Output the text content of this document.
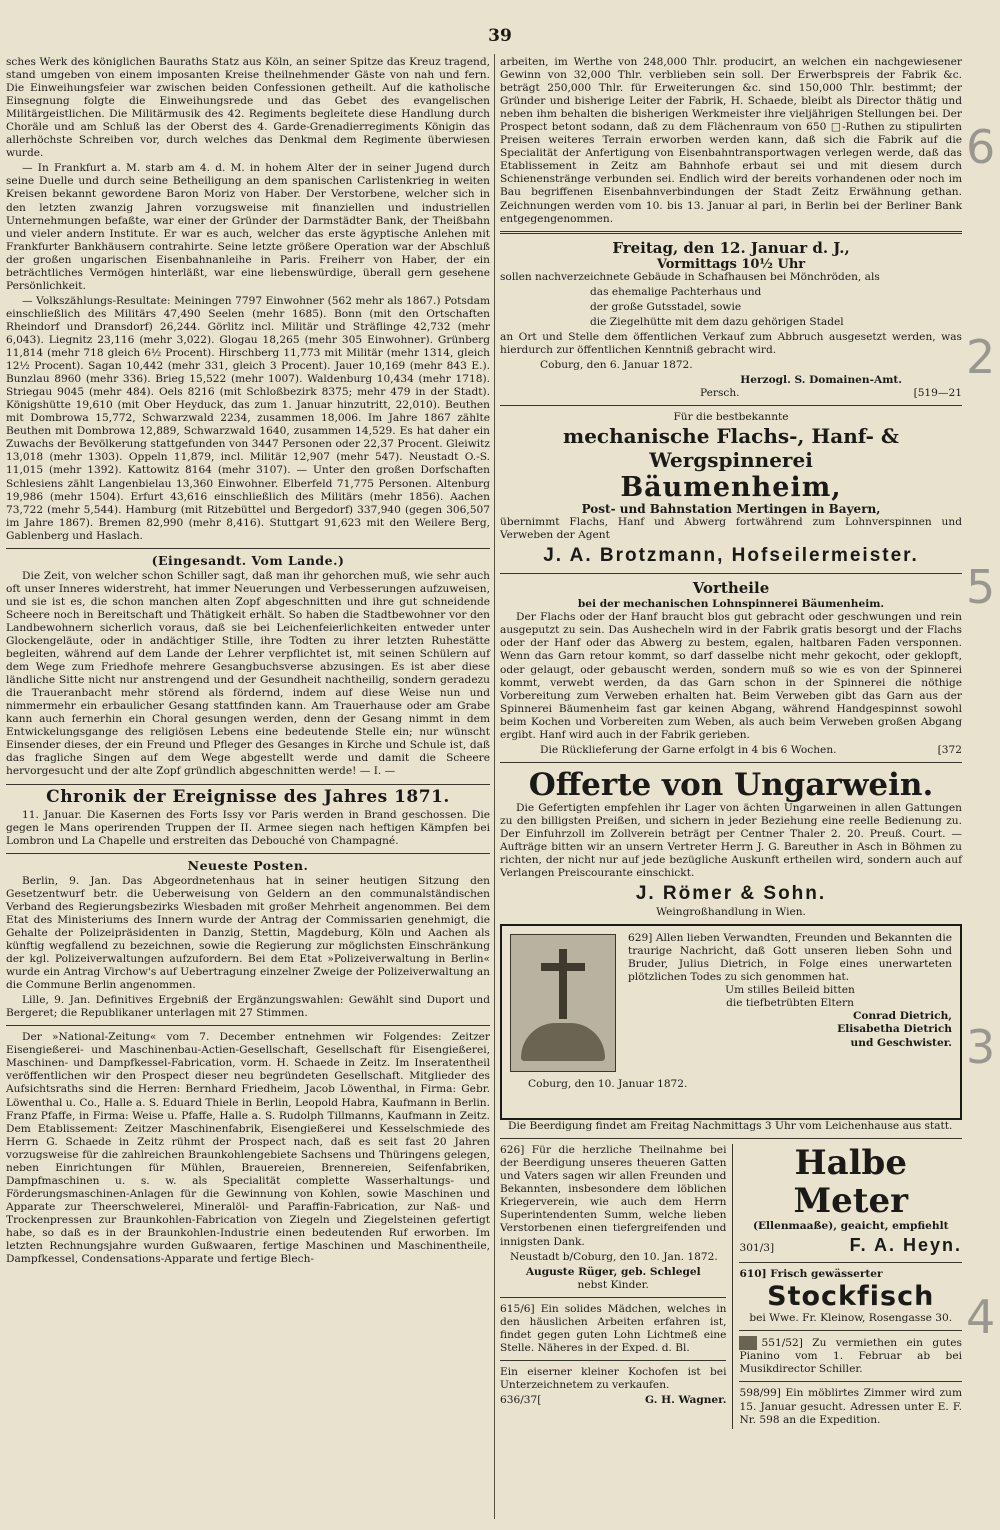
39

sches Werk des königlichen Bauraths Statz aus Köln, an seiner Spitze das Kreuz tragend, stand umgeben von einem imposanten Kreise theilnehmender Gäste von nah und fern. Die Einweihungsfeier war zwischen beiden Confessionen getheilt. Auf die katholische Einsegnung folgte die Einweihungsrede und das Gebet des evangelischen Militärgeistlichen. Die Militärmusik des 42. Regiments begleitete diese Handlung durch Choräle und am Schluß las der Oberst des 4. Garde-Grenadierregiments Königin das allerhöchste Schreiben vor, durch welches das Denkmal dem Regimente überwiesen wurde.

— In Frankfurt a. M. starb am 4. d. M. in hohem Alter der in seiner Jugend durch seine Duelle und durch seine Betheiligung an dem spanischen Carlistenkrieg in weiten Kreisen bekannt gewordene Baron Moriz von Haber. Der Verstorbene, welcher sich in den letzten zwanzig Jahren vorzugsweise mit finanziellen und industriellen Unternehmungen befaßte, war einer der Gründer der Darmstädter Bank, der Theißbahn und vieler andern Institute. Er war es auch, welcher das erste ägyptische Anlehen mit Frankfurter Bankhäusern contrahirte. Seine letzte größere Operation war der Abschluß der großen ungarischen Eisenbahnanleihe in Paris. Freiherr von Haber, der ein beträchtliches Vermögen hinterläßt, war eine liebenswürdige, überall gern gesehene Persönlichkeit.

— Volkszählungs-Resultate: Meiningen 7797 Einwohner (562 mehr als 1867.) Potsdam einschließlich des Militärs 47,490 Seelen (mehr 1685). Bonn (mit den Ortschaften Rheindorf und Dransdorf) 26,244. Görlitz incl. Militär und Sträflinge 42,732 (mehr 6,043). Liegnitz 23,116 (mehr 3,022). Glogau 18,265 (mehr 305 Einwohner). Grünberg 11,814 (mehr 718 gleich 6½ Procent). Hirschberg 11,773 mit Militär (mehr 1314, gleich 12½ Procent). Sagan 10,442 (mehr 331, gleich 3 Procent). Jauer 10,169 (mehr 843 E.). Bunzlau 8960 (mehr 336). Brieg 15,522 (mehr 1007). Waldenburg 10,434 (mehr 1718). Striegau 9045 (mehr 484). Oels 8216 (mit Schloßbezirk 8375; mehr 479 in der Stadt). Königshütte 19,610 (mit Ober Heyduck, das zum 1. Januar hinzutritt, 22,010). Beuthen mit Dombrowa 15,772, Schwarzwald 2234, zusammen 18,006. Im Jahre 1867 zählte Beuthen mit Dombrowa 12,889, Schwarzwald 1640, zusammen 14,529. Es hat daher ein Zuwachs der Bevölkerung stattgefunden von 3447 Personen oder 22,37 Procent. Gleiwitz 13,018 (mehr 1303). Oppeln 11,879, incl. Militär 12,907 (mehr 547). Neustadt O.-S. 11,015 (mehr 1392). Kattowitz 8164 (mehr 3107). — Unter den großen Dorfschaften Schlesiens zählt Langenbielau 13,360 Einwohner. Elberfeld 71,775 Personen. Altenburg 19,986 (mehr 1504). Erfurt 43,616 einschließlich des Militärs (mehr 1856). Aachen 73,722 (mehr 5,544). Hamburg (mit Ritzebüttel und Bergedorf) 337,940 (gegen 306,507 im Jahre 1867). Bremen 82,990 (mehr 8,416). Stuttgart 91,623 mit den Weilere Berg, Gablenberg und Haslach.

(Eingesandt. Vom Lande.)

Die Zeit, von welcher schon Schiller sagt, daß man ihr gehorchen muß, wie sehr auch oft unser Inneres widerstreht, hat immer Neuerungen und Verbesserungen aufzuweisen, und sie ist es, die schon manchen alten Zopf abgeschnitten und ihre gut schneidende Scheere noch in Bereitschaft und Thätigkeit erhält. So haben die Stadtbewohner vor den Landbewohnern sicherlich voraus, daß sie bei Leichenfeierlichkeiten entweder unter Glockengeläute, oder in andächtiger Stille, ihre Todten zu ihrer letzten Ruhestätte begleiten, während auf dem Lande der Lehrer verpflichtet ist, mit seinen Schülern auf dem Wege zum Friedhofe mehrere Gesangbuchsverse abzusingen. Es ist aber diese ländliche Sitte nicht nur anstrengend und der Gesundheit nachtheilig, sondern geradezu die Traueranbacht mehr störend als fördernd, indem auf diese Weise nun und nimmermehr ein erbaulicher Gesang stattfinden kann. Am Trauerhause oder am Grabe kann auch fernerhin ein Choral gesungen werden, denn der Gesang nimmt in dem Entwickelungsgange des religiösen Lebens eine bedeutende Stelle ein; nur wünscht Einsender dieses, der ein Freund und Pfleger des Gesanges in Kirche und Schule ist, daß das fragliche Singen auf dem Wege abgestellt werde und damit die Scheere hervorgesucht und der alte Zopf gründlich abgeschnitten werde! — I. —

Chronik der Ereignisse des Jahres 1871.

11. Januar. Die Kasernen des Forts Issy vor Paris werden in Brand geschossen. Die gegen le Mans operirenden Truppen der II. Armee siegen nach heftigen Kämpfen bei Lombron und La Chapelle und erstreiten das Debouché von Champagné.

Neueste Posten.

Berlin, 9. Jan. Das Abgeordnetenhaus hat in seiner heutigen Sitzung den Gesetzentwurf betr. die Ueberweisung von Geldern an den communalständischen Verband des Regierungsbezirks Wiesbaden mit großer Mehrheit angenommen. Bei dem Etat des Ministeriums des Innern wurde der Antrag der Commissarien genehmigt, die Gehalte der Polizeipräsidenten in Danzig, Stettin, Magdeburg, Köln und Aachen als künftig wegfallend zu bezeichnen, sowie die Regierung zur möglichsten Einschränkung der kgl. Polizeiverwaltungen aufzufordern. Bei dem Etat »Polizeiverwaltung in Berlin« wurde ein Antrag Virchow's auf Uebertragung einzelner Zweige der Polizeiverwaltung an die Commune Berlin angenommen.

Lille, 9. Jan. Definitives Ergebniß der Ergänzungswahlen: Gewählt sind Duport und Bergeret; die Republikaner unterlagen mit 27 Stimmen.

Der »National-Zeitung« vom 7. December entnehmen wir Folgendes: Zeitzer Eisengießerei- und Maschinenbau-Actien-Gesellschaft, Gesellschaft für Eisengießerei, Maschinen- und Dampfkessel-Fabrication, vorm. H. Schaede in Zeitz. Im Inseratentheil veröffentlichen wir den Prospect dieser neu begründeten Gesellschaft. Mitglieder des Aufsichtsraths sind die Herren: Bernhard Friedheim, Jacob Löwenthal, in Firma: Gebr. Löwenthal u. Co., Halle a. S. Eduard Thiele in Berlin, Leopold Habra, Kaufmann in Berlin. Franz Pfaffe, in Firma: Weise u. Pfaffe, Halle a. S. Rudolph Tillmanns, Kaufmann in Zeitz. Dem Etablissement: Zeitzer Maschinenfabrik, Eisengießerei und Kesselschmiede des Herrn G. Schaede in Zeitz rühmt der Prospect nach, daß es seit fast 20 Jahren vorzugsweise für die zahlreichen Braunkohlengebiete Sachsens und Thüringens gelegen, neben Einrichtungen für Mühlen, Brauereien, Brennereien, Seifenfabriken, Dampfmaschinen u. s. w. als Specialität complette Wasserhaltungs- und Förderungsmaschinen-Anlagen für die Gewinnung von Kohlen, sowie Maschinen und Apparate zur Theerschwelerei, Mineralöl- und Paraffin-Fabrication, zur Naß- und Trockenpressen zur Braunkohlen-Fabrication von Ziegeln und Ziegelsteinen gefertigt habe, so daß es in der Braunkohlen-Industrie einen bedeutenden Ruf erworben. Im letzten Rechnungsjahre wurden Gußwaaren, fertige Maschinen und Maschinentheile, Dampfkessel, Condensations-Apparate und fertige Blech-

arbeiten, im Werthe von 248,000 Thlr. producirt, an welchen ein nachgewiesener Gewinn von 32,000 Thlr. verblieben sein soll. Der Erwerbspreis der Fabrik &c. beträgt 250,000 Thlr. für Erweiterungen &c. sind 150,000 Thlr. bestimmt; der Gründer und bisherige Leiter der Fabrik, H. Schaede, bleibt als Director thätig und neben ihm behalten die bisherigen Werkmeister ihre vieljährigen Stellungen bei. Der Prospect betont sodann, daß zu dem Flächenraum von 650 □-Ruthen zu stipulirten Preisen weiteres Terrain erworben werden kann, daß sich die Fabrik auf die Specialität der Anfertigung von Eisenbahntransportwagen verlegen werde, daß das Etablissement in Zeitz am Bahnhofe erbaut sei und mit diesem durch Schienenstränge verbunden sei. Endlich wird der bereits vorhandenen oder noch im Bau begriffenen Eisenbahnverbindungen der Stadt Zeitz Erwähnung gethan. Zeichnungen werden vom 10. bis 13. Januar al pari, in Berlin bei der Berliner Bank entgegengenommen.

Freitag, den 12. Januar d. J.,
Vormittags 10½ Uhr

sollen nachverzeichnete Gebäude in Schafhausen bei Mönchröden, als

das ehemalige Pachterhaus und

der große Gutsstadel, sowie

die Ziegelhütte mit dem dazu gehörigen Stadel

an Ort und Stelle dem öffentlichen Verkauf zum Abbruch ausgesetzt werden, was hierdurch zur öffentlichen Kenntniß gebracht wird.

Coburg, den 6. Januar 1872.

Herzogl. S. Domainen-Amt.
Persch.	[519—21
Für die bestbekannte
mechanische Flachs-, Hanf- & Wergspinnerei
Bäumenheim,
Post- und Bahnstation Mertingen in Bayern,

übernimmt Flachs, Hanf und Abwerg fortwährend zum Lohnverspinnen und Verweben der Agent

J. A. Brotzmann, Hofseilermeister.
Vortheile
bei der mechanischen Lohnspinnerei Bäumenheim.

Der Flachs oder der Hanf braucht blos gut gebracht oder geschwungen und rein ausgeputzt zu sein. Das Aushecheln wird in der Fabrik gratis besorgt und der Flachs oder der Hanf oder das Abwerg zu bestem, egalen, haltbaren Faden versponnen. Wenn das Garn retour kommt, so darf dasselbe nicht mehr gekocht, oder geklopft, oder gelaugt, oder gebauscht werden, sondern muß so wie es von der Spinnerei kommt, verwebt werden, da das Garn schon in der Spinnerei die nöthige Vorbereitung zum Verweben erhalten hat. Beim Verweben gibt das Garn aus der Spinnerei Bäumenheim fast gar keinen Abgang, während Handgespinnst sowohl beim Kochen und Vorbereiten zum Weben, als auch beim Verweben großen Abgang ergibt. Hanf wird auch in der Fabrik gerieben.

Die Rücklieferung der Garne erfolgt in 4 bis 6 Wochen.	[372
Offerte von Ungarwein.

Die Gefertigten empfehlen ihr Lager von ächten Ungarweinen in allen Gattungen zu den billigsten Preißen, und sichern in jeder Beziehung eine reelle Bedienung zu. Der Einfuhrzoll im Zollverein beträgt per Centner Thaler 2. 20. Preuß. Court. — Aufträge bitten wir an unsern Vertreter Herrn J. G. Bareuther in Asch in Böhmen zu richten, der nicht nur auf jede bezügliche Auskunft ertheilen wird, sondern auch auf Verlangen Preiscourante einschickt.

J. Römer & Sohn.
Weingroßhandlung in Wien.
629] Allen lieben Verwandten, Freunden und Bekannten die traurige Nachricht, daß Gott unseren lieben Sohn und Bruder, Julius Dietrich, in Folge eines unerwarteten plötzlichen Todes zu sich genommen hat.
Um stilles Beileid bitten
die tiefbetrübten Eltern
Conrad Dietrich,
Elisabetha Dietrich
und Geschwister.
Coburg, den 10. Januar 1872.

Die Beerdigung findet am Freitag Nachmittags 3 Uhr vom Leichenhause aus statt.

626] Für die herzliche Theilnahme bei der Beerdigung unseres theueren Gatten und Vaters sagen wir allen Freunden und Bekannten, insbesondere dem löblichen Kriegerverein, wie auch dem Herrn Superintendenten Summ, welche lieben Verstorbenen einen tiefergreifenden und innigsten Dank.

Neustadt b/Coburg, den 10. Jan. 1872.

Auguste Rüger, geb. Schlegel
nebst Kinder.

615/6] Ein solides Mädchen, welches in den häuslichen Arbeiten erfahren ist, findet gegen guten Lohn Lichtmeß eine Stelle. Näheres in der Exped. d. Bl.

Ein eiserner kleiner Kochofen ist bei Unterzeichnetem zu verkaufen.

636/37[	G. H. Wagner.
Halbe Meter
(Ellenmaaße), geaicht, empfiehlt
301/3]	F. A. Heyn.
610] Frisch gewässerter
Stockfisch
bei Wwe. Fr. Kleinow, Rosengasse 30.

551/52] Zu vermiethen ein gutes Pianino vom 1. Februar ab bei Musikdirector Schiller.

598/99] Ein möblirtes Zimmer wird zum 15. Januar gesucht. Adressen unter E. F. Nr. 598 an die Expedition.

6
2
5
3
4
